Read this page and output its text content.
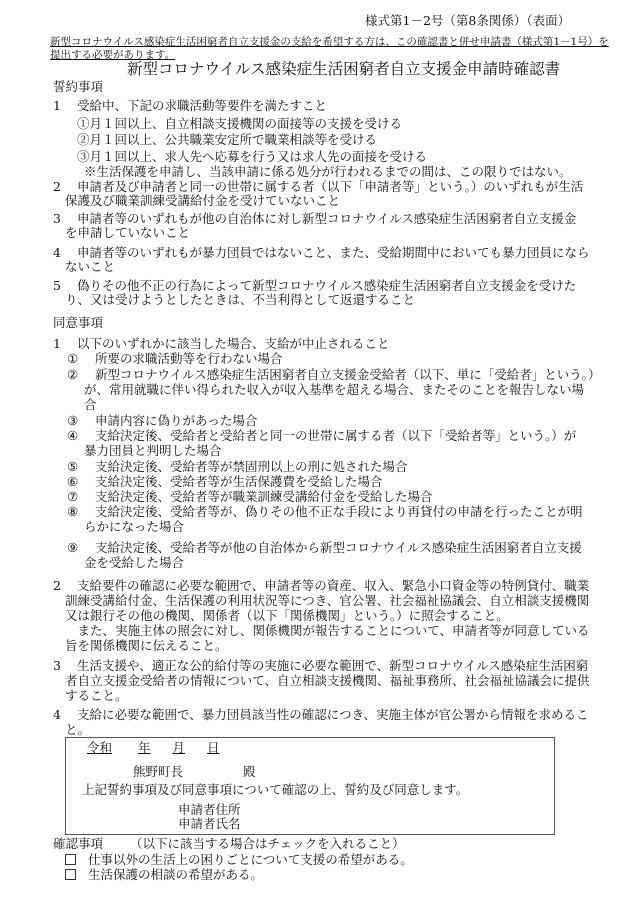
様式第1－2号（第8条関係）（表面）
新型コロナウイルス感染症生活困窮者自立支援金の支給を希望する方は、この確認書と併せ申請書（様式第1－1号）を
提出する必要があります。
新型コロナウイルス感染症生活困窮者自立支援金申請時確認書
誓約事項
1 受給中、下記の求職活動等要件を満たすこと
①月１回以上、自立相談支援機関の面接等の支援を受ける
②月１回以上、公共職業安定所で職業相談等を受ける
③月１回以上、求人先へ応募を行う又は求人先の面接を受ける
※生活保護を申請し、当該申請に係る処分が行われるまでの間は、この限りではない。
2 申請者及び申請者と同一の世帯に属する者（以下「申請者等」という。）のいずれもが生活
保護及び職業訓練受講給付金を受けていないこと
3 申請者等のいずれもが他の自治体に対し新型コロナウイルス感染症生活困窮者自立支援金
を申請していないこと
4 申請者等のいずれもが暴力団員ではないこと、また、受給期間中においても暴力団員になら
ないこと
5 偽りその他不正の行為によって新型コロナウイルス感染症生活困窮者自立支援金を受けた
り、又は受けようとしたときは、不当利得として返還すること
同意事項
1 以下のいずれかに該当した場合、支給が中止されること
① 所要の求職活動等を行わない場合
② 新型コロナウイルス感染症生活困窮者自立支援金受給者（以下、単に「受給者」という。）
が、常用就職に伴い得られた収入が収入基準を超える場合、またそのことを報告しない場
合
③ 申請内容に偽りがあった場合
④ 支給決定後、受給者と受給者と同一の世帯に属する者（以下「受給者等」という。）が
暴力団員と判明した場合
⑤ 支給決定後、受給者等が禁固刑以上の刑に処された場合
⑥ 支給決定後、受給者等が生活保護費を受給した場合
⑦ 支給決定後、受給者等が職業訓練受講給付金を受給した場合
⑧ 支給決定後、受給者等が、偽りその他不正な手段により再貸付の申請を行ったことが明
らかになった場合
⑨ 支給決定後、受給者等が他の自治体から新型コロナウイルス感染症生活困窮者自立支援
金を受給した場合
2 支給要件の確認に必要な範囲で、申請者等の資産、収入、緊急小口資金等の特例貸付、職業
訓練受講給付金、生活保護の利用状況等につき、官公署、社会福祉協議会、自立相談支援機関
又は銀行その他の機関、関係者（以下「関係機関」という。）に照会すること。
　また、実施主体の照会に対し、関係機関が報告することについて、申請者等が同意している
旨を関係機関に伝えること。
3 生活支援や、適正な公的給付等の実施に必要な範囲で、新型コロナウイルス感染症生活困窮
者自立支援金受給者の情報について、自立相談支援機関、福祉事務所、社会福祉協議会に提供
すること。
4 支給に必要な範囲で、暴力団員該当性の確認につき、実施主体が官公署から情報を求めるこ
と。
令和 年 月 日
熊野町長	殿
上記誓約事項及び同意事項について確認の上、誓約及び同意します。
申請者住所
申請者氏名
確認事項 （以下に該当する場合はチェックを入れること）
仕事以外の生活上の困りごとについて支援の希望がある。
生活保護の相談の希望がある。
